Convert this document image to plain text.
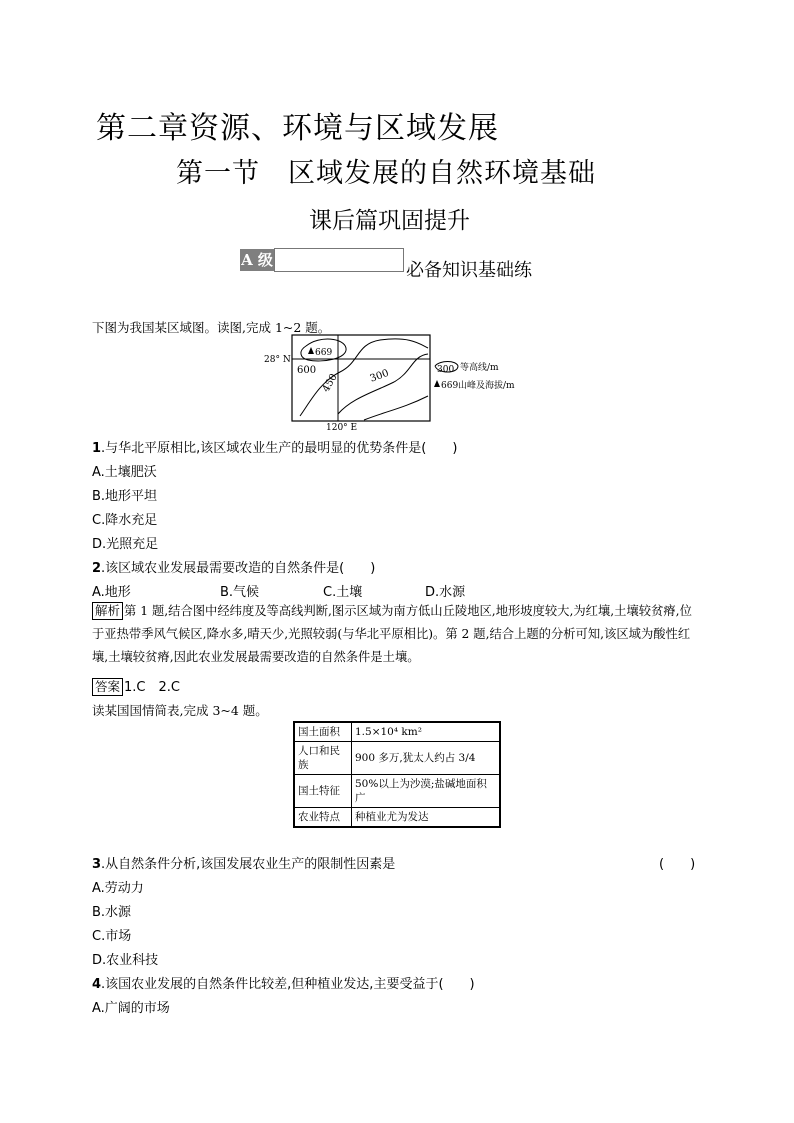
第二章资源、环境与区域发展
第一节　区域发展的自然环境基础
课后篇巩固提升
A 级	必备知识基础练
下图为我国某区域图。读图,完成 1~2 题。
669
600
450	300
28° N
120° E
300 等高线/m
669 山峰及海拔/m
1.与华北平原相比,该区域农业生产的最明显的优势条件是(　　)
A.土壤肥沃
B.地形平坦
C.降水充足
D.光照充足
2.该区域农业发展最需要改造的自然条件是(　　)
A.地形	B.气候	C.土壤	D.水源
解析 第 1 题,结合图中经纬度及等高线判断,图示区域为南方低山丘陵地区,地形坡度较大,为红壤,土壤较贫瘠,位于亚热带季风气候区,降水多,晴天少,光照较弱(与华北平原相比)。第 2 题,结合上题的分析可知,该区域为酸性红壤,土壤较贫瘠,因此农业发展最需要改造的自然条件是土壤。
答案 1.C　2.C
读某国国情简表,完成 3~4 题。
国土面积	1.5×10⁴ km²
人口和民族	900 多万,犹太人约占 3/4
国土特征	50%以上为沙漠;盐碱地面积广
农业特点	种植业尤为发达
3.从自然条件分析,该国发展农业生产的限制性因素是	(　　)
A.劳动力
B.水源
C.市场
D.农业科技
4.该国农业发展的自然条件比较差,但种植业发达,主要受益于(　　)
A.广阔的市场
